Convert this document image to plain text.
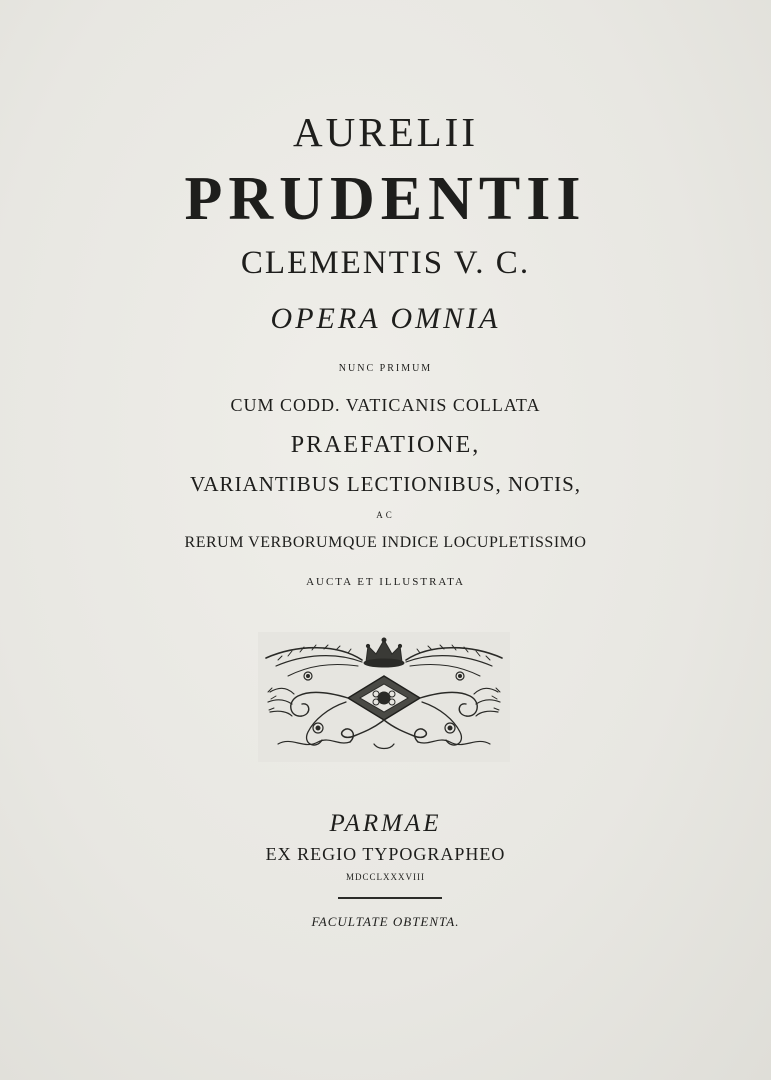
AURELII

PRUDENTII

CLEMENTIS V. C.

OPERA OMNIA

NUNC PRIMUM

CUM CODD. VATICANIS COLLATA

PRAEFATIONE,

VARIANTIBUS LECTIONIBUS, NOTIS,

AC

RERUM VERBORUMQUE INDICE LOCUPLETISSIMO

AUCTA ET ILLUSTRATA

PARMAE

EX REGIO TYPOGRAPHEO

MDCCLXXXVIII

FACULTATE OBTENTA.
